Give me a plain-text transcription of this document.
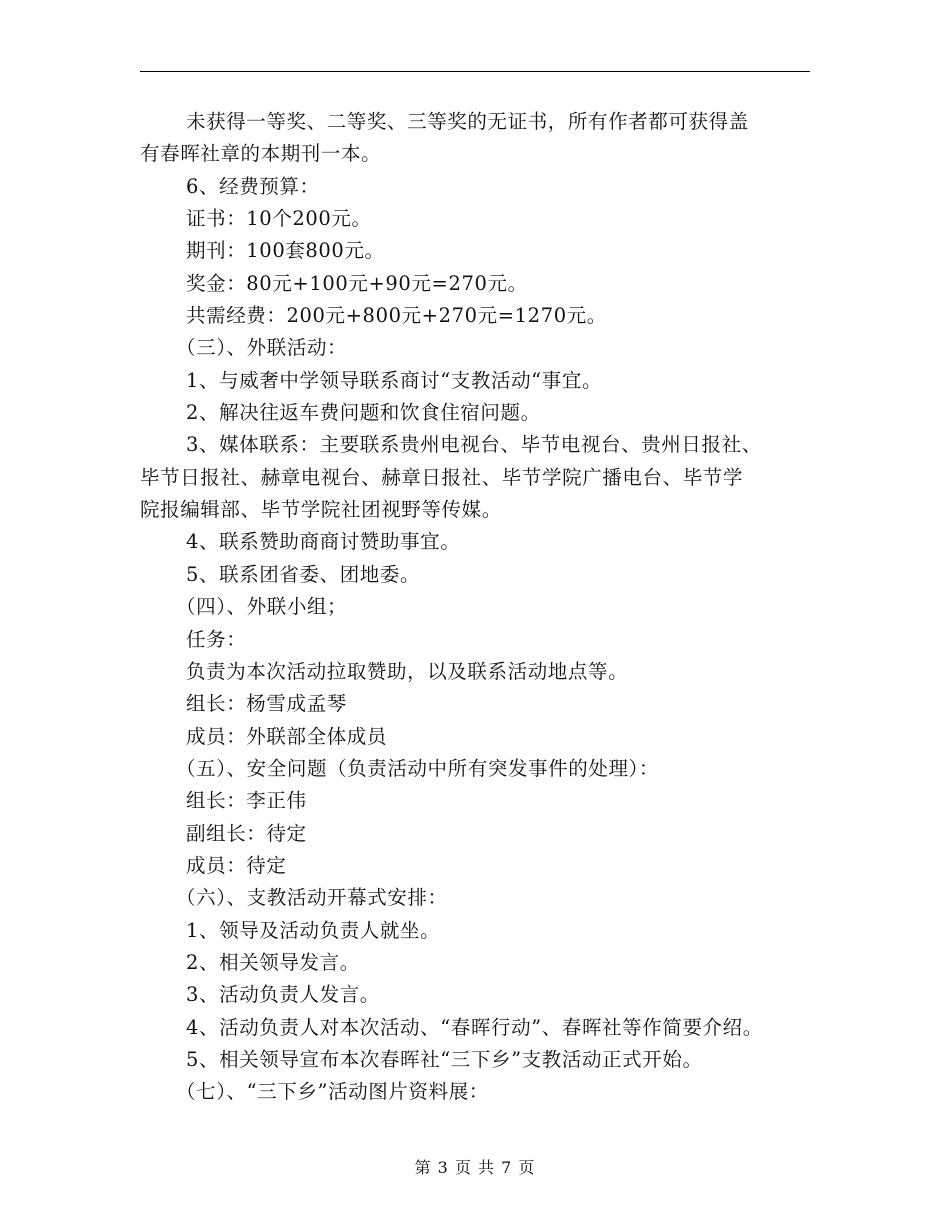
未获得一等奖、二等奖、三等奖的无证书，所有作者都可获得盖
有春晖社章的本期刊一本。
6、经费预算：
证书：10个200元。
期刊：100套800元。
奖金：80元+100元+90元=270元。
共需经费：200元+800元+270元=1270元。
（三）、外联活动：
1、与威奢中学领导联系商讨“支教活动“事宜。
2、解决往返车费问题和饮食住宿问题。
3、媒体联系：主要联系贵州电视台、毕节电视台、贵州日报社、
毕节日报社、赫章电视台、赫章日报社、毕节学院广播电台、毕节学
院报编辑部、毕节学院社团视野等传媒。
4、联系赞助商商讨赞助事宜。
5、联系团省委、团地委。
（四）、外联小组；
任务：
负责为本次活动拉取赞助，以及联系活动地点等。
组长：杨雪成孟琴
成员：外联部全体成员
（五）、安全问题（负责活动中所有突发事件的处理）：
组长：李正伟
副组长：待定
成员：待定
（六）、支教活动开幕式安排：
1、领导及活动负责人就坐。
2、相关领导发言。
3、活动负责人发言。
4、活动负责人对本次活动、“春晖行动”、春晖社等作简要介绍。
5、相关领导宣布本次春晖社“三下乡”支教活动正式开始。
（七）、“三下乡”活动图片资料展：
第 3 页 共 7 页
